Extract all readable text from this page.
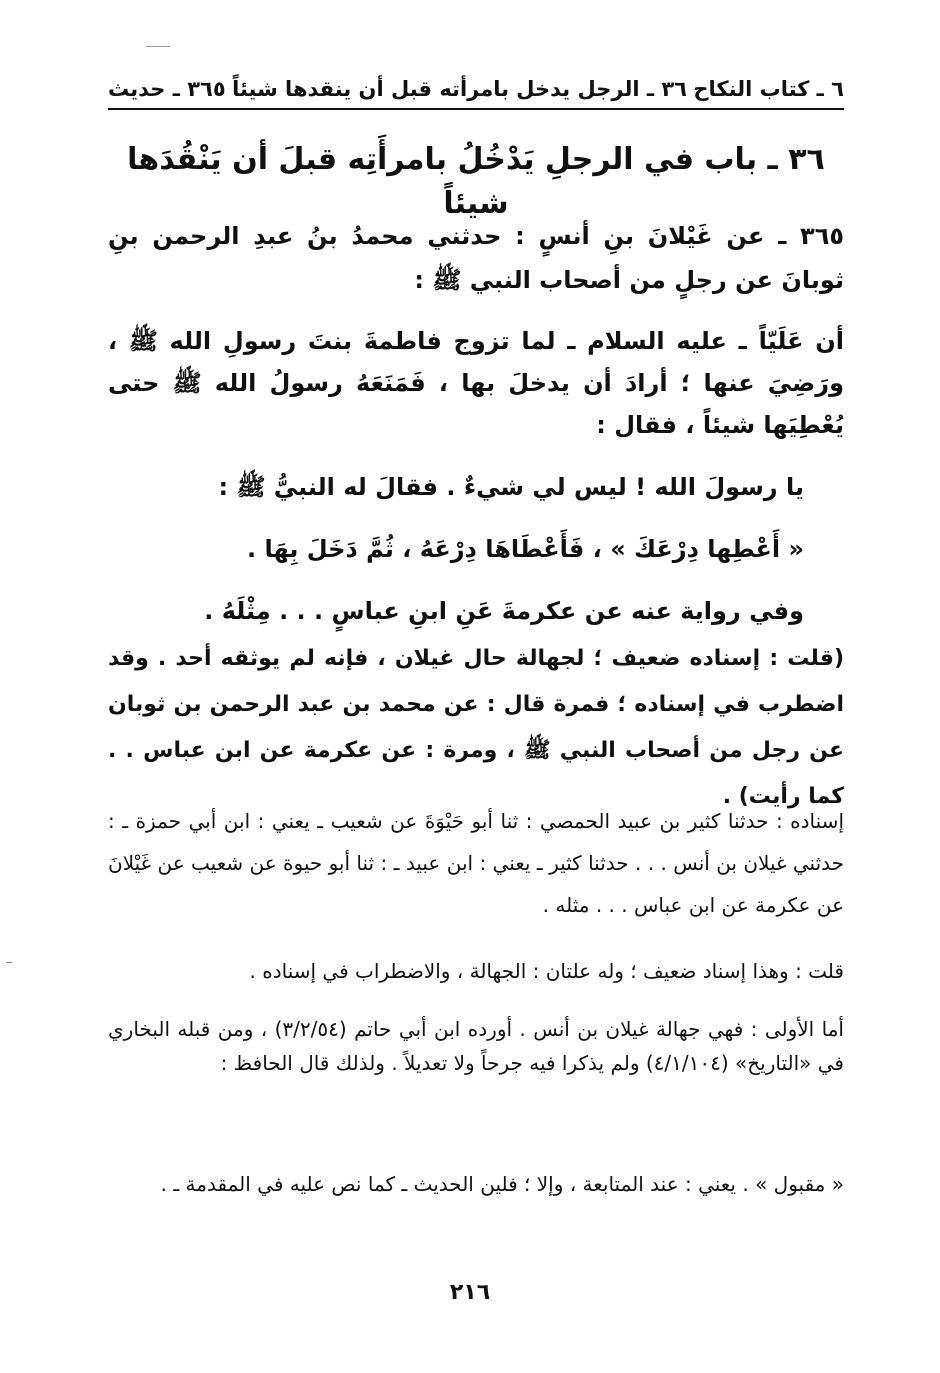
٦ ـ كتاب النكاح
٣٦ ـ الرجل يدخل بامرأته قبل أن ينقدها شيئاً
٣٦٥ ـ حديث
٣٦ ـ باب في الرجلِ يَدْخُلُ بامرأَتِه قبلَ أن يَنْقُدَها شيئاً
٣٦٥ ـ عن غَيْلانَ بنِ أنسٍ : حدثني محمدُ بنُ عبدِ الرحمن بنِ ثوبانَ عن رجلٍ من أصحاب النبي ﷺ :

أن عَلَيّاً ـ عليه السلام ـ لما تزوج فاطمةَ بنتَ رسولِ الله ﷺ ، ورَضِيَ عنها ؛ أرادَ أن يدخلَ بها ، فَمَنَعَهُ رسولُ الله ﷺ حتى يُعْطِيَها شيئاً ، فقال :

يا رسولَ الله ! ليس لي شيءٌ . فقالَ له النبيُّ ﷺ :

« أَعْطِها دِرْعَكَ » ، فَأَعْطَاهَا دِرْعَهُ ، ثُمَّ دَخَلَ بِهَا .

وفي رواية عنه عن عكرمةَ عَنِ ابنِ عباسٍ . . . مِثْلَهُ .

(قلت : إسناده ضعيف ؛ لجهالة حال غيلان ، فإنه لم يوثقه أحد . وقد اضطرب في إسناده ؛ فمرة قال : عن محمد بن عبد الرحمن بن ثوبان عن رجل من أصحاب النبي ﷺ ، ومرة : عن عكرمة عن ابن عباس . . كما رأيت) .
إسناده : حدثنا كثير بن عبيد الحمصي : ثنا أبو حَيْوَةَ عن شعيب ـ يعني : ابن أبي حمزة ـ : حدثني غيلان بن أنس . . . حدثنا كثير ـ يعني : ابن عبيد ـ : ثنا أبو حيوة عن شعيب عن غَيْلانَ عن عكرمة عن ابن عباس . . . مثله .
قلت : وهذا إسناد ضعيف ؛ وله علتان : الجهالة ، والاضطراب في إسناده .
أما الأولى : فهي جهالة غيلان بن أنس . أورده ابن أبي حاتم (٣/٢/٥٤) ، ومن قبله البخاري في «التاريخ» (٤/١/١٠٤) ولم يذكرا فيه جرحاً ولا تعديلاً . ولذلك قال الحافظ :
« مقبول » . يعني : عند المتابعة ، وإلا ؛ فلين الحديث ـ كما نص عليه في المقدمة ـ .
٢١٦
